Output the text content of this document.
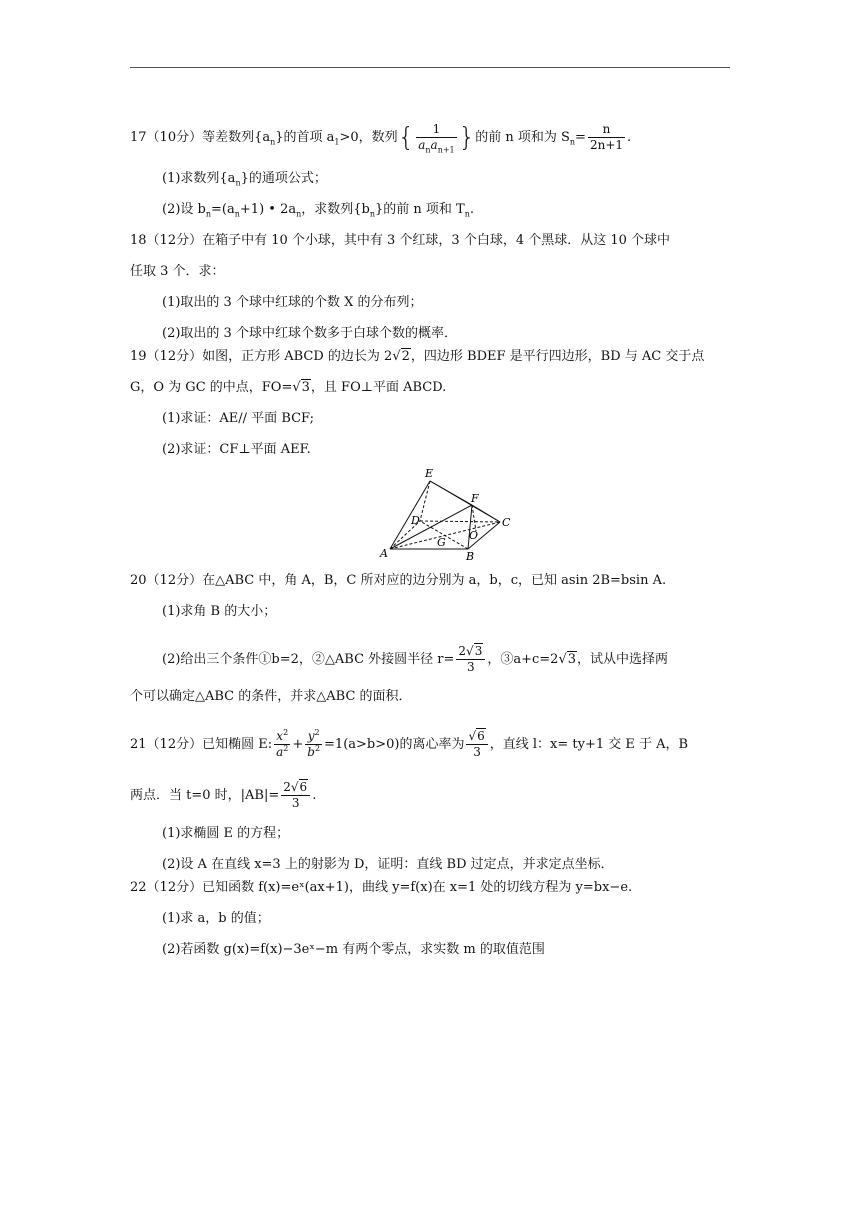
17（10分）等差数列$\{a_n\}$的首项 $a_1>0$，数列{ $\frac{1}{a_na_{n+1}}$ }的前 n 项和为 $S_n= \frac{n}{2n+1}$ .
(1)求数列$\{a_n\}$的通项公式；
(2)设 $b_n=(a_n+1)$ • $2a_n$，求数列$\{b_n\}$的前 n 项和 $T_n$.
18（12分）在箱子中有 10 个小球，其中有 3 个红球，3 个白球，4 个黑球．从这 10 个球中
任取 3 个．求：
(1)取出的 3 个球中红球的个数 X 的分布列；
(2)取出的 3 个球中红球个数多于白球个数的概率．
19（12分）如图，正方形 ABCD 的边长为 2√2，四边形 BDEF 是平行四边形，BD 与 AC 交于点
G，O 为 GC 的中点，FO=√3，且 FO⊥平面 ABCD.
(1)求证：AE// 平面 BCF;
(2)求证：CF⊥平面 AEF.
E
F
D	C
G
O
A	B
20（12分）在△ABC 中，角 A，B，C 所对应的边分别为 a，b，c，已知 asin 2B=bsin A.
(1)求角 B 的大小；
(2)给出三个条件①b=2，②△ABC 外接圆半径 $r= \frac{2√3}{3}$ ，③a+c=2√3，试从中选择两
个可以确定△ABC 的条件，并求△ABC 的面积．
21（12分）已知椭圆 E: $\frac{x^2}{a^2} + \frac{y^2}{b^2} =1(a>b>0)$的离心率为 $\frac{√6}{3}$ ，直线 l：x= ty+1 交 E 于 A，B
两点．当 t=0 时，$|AB|= \frac{2√6}{3}$ .
(1)求椭圆 E 的方程；
(2)设 A 在直线 x=3 上的射影为 D，证明：直线 BD 过定点，并求定点坐标．
22（12分）已知函数 f(x)=eˣ(ax+1)，曲线 y=f(x)在 x=1 处的切线方程为 y=bx−e.
(1)求 a，b 的值；
(2)若函数 g(x)=f(x)−3eˣ−m 有两个零点，求实数 m 的取值范围
